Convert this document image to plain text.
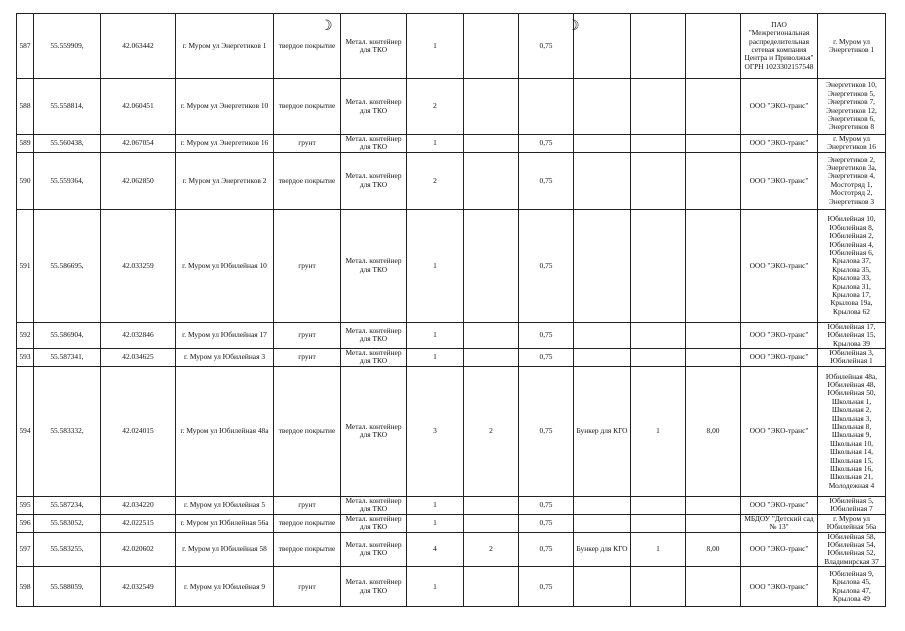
587	55.559909,	42.063442	г. Муром ул Энергетиков 1	твердое покрытие	Метал. контейнер для ТКО	1		0,75				ПАО "Межрегиональная распределительная сетевая компания Центра и Приволжья" ОГРН 1023302157548	г. Муром ул Энергетиков 1
588	55.558814,	42.060451	г. Муром ул Энергетиков 10	твердое покрытие	Метал. контейнер для ТКО	2						ООО "ЭКО-транс"	Энергетиков 10, Энергетиков 5, Энергетиков 7, Энергетиков 12, Энергетиков 6, Энергетиков 8
589	55.560438,	42.067054	г. Муром ул Энергетиков 16	грунт	Метал. контейнер для ТКО	1		0,75				ООО "ЭКО-транс"	г. Муром ул Энергетиков 16
590	55.559364,	42.062850	г. Муром ул Энергетиков 2	твердое покрытие	Метал. контейнер для ТКО	2		0,75				ООО "ЭКО-транс"	Энергетиков 2, Энергетиков 3а, Энергетиков 4, Мостотряд 1, Мостотряд 2, Энергетиков 3
591	55.586695,	42.033259	г. Муром ул Юбилейная 10	грунт	Метал. контейнер для ТКО	1		0,75				ООО "ЭКО-транс"	Юбилейная 10, Юбилейная 8, Юбилейная 2, Юбилейная 4, Юбилейная 6, Крылова 37, Крылова 35, Крылова 33, Крылова 31, Крылова 17, Крылова 19а, Крылова 62
592	55.586904,	42.032846	г. Муром ул Юбилейная 17	грунт	Метал. контейнер для ТКО	1		0,75				ООО "ЭКО-транс"	Юбилейная 17, Юбилейная 15, Крылова 39
593	55.587341,	42.034625	г. Муром ул Юбилейная 3	грунт	Метал. контейнер для ТКО	1		0,75				ООО "ЭКО-транс"	Юбилейная 3, Юбилейная 1
594	55.583332,	42.024015	г. Муром ул Юбилейная 48а	твердое покрытие	Метал. контейнер для ТКО	3	2	0,75	Бункер для КГО	1	8,00	ООО "ЭКО-транс"	Юбилейная 48а, Юбилейная 48, Юбилейная 50, Школьная 1, Школьная 2, Школьная 3, Школьная 8, Школьная 9, Школьная 10, Школьная 14, Школьная 15, Школьная 16, Школьная 21, Молодежная 4
595	55.587234,	42.034220	г. Муром ул Юбилейная 5	грунт	Метал. контейнер для ТКО	1		0,75				ООО "ЭКО-транс"	Юбилейная 5, Юбилейная 7
596	55.583052,	42.022515	г. Муром ул Юбилейная 56а	твердое покрытие	Метал. контейнер для ТКО	1		0,75				МБДОУ "Детский сад № 13"	г. Муром ул Юбилейная 56а
597	55.583255,	42.020602	г. Муром ул Юбилейная 58	твердое покрытие	Метал. контейнер для ТКО	4	2	0,75	Бункер для КГО	1	8,00	ООО "ЭКО-транс"	Юбилейная 58, Юбилейная 54, Юбилейная 52, Владимирская 37
598	55.588059,	42.032549	г. Муром ул Юбилейная 9	грунт	Метал. контейнер для ТКО	1		0,75				ООО "ЭКО-транс"	Юбилейная 9, Крылова 45, Крылова 47, Крылова 49
☽	☽
